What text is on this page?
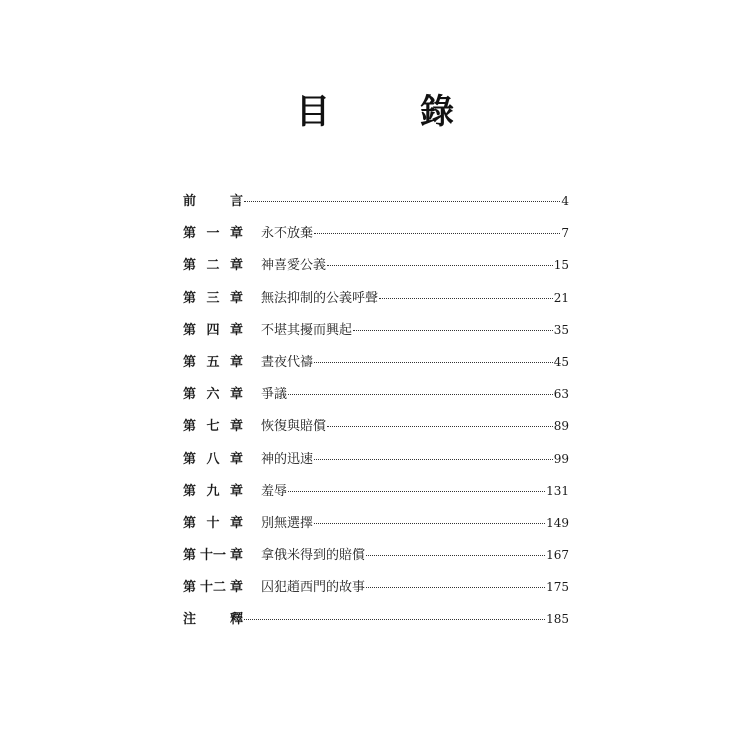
目　錄
前	言	4
第 一 章 永不放棄	7
第 二 章 神喜愛公義	15
第 三 章 無法抑制的公義呼聲	21
第 四 章 不堪其擾而興起	35
第 五 章 晝夜代禱	45
第 六 章 爭議	63
第 七 章 恢復與賠償	89
第 八 章 神的迅速	99
第 九 章 羞辱	131
第 十 章 別無選擇	149
第 十一 章 拿俄米得到的賠償	167
第 十二 章 囚犯趙西門的故事	175
注	釋	185
